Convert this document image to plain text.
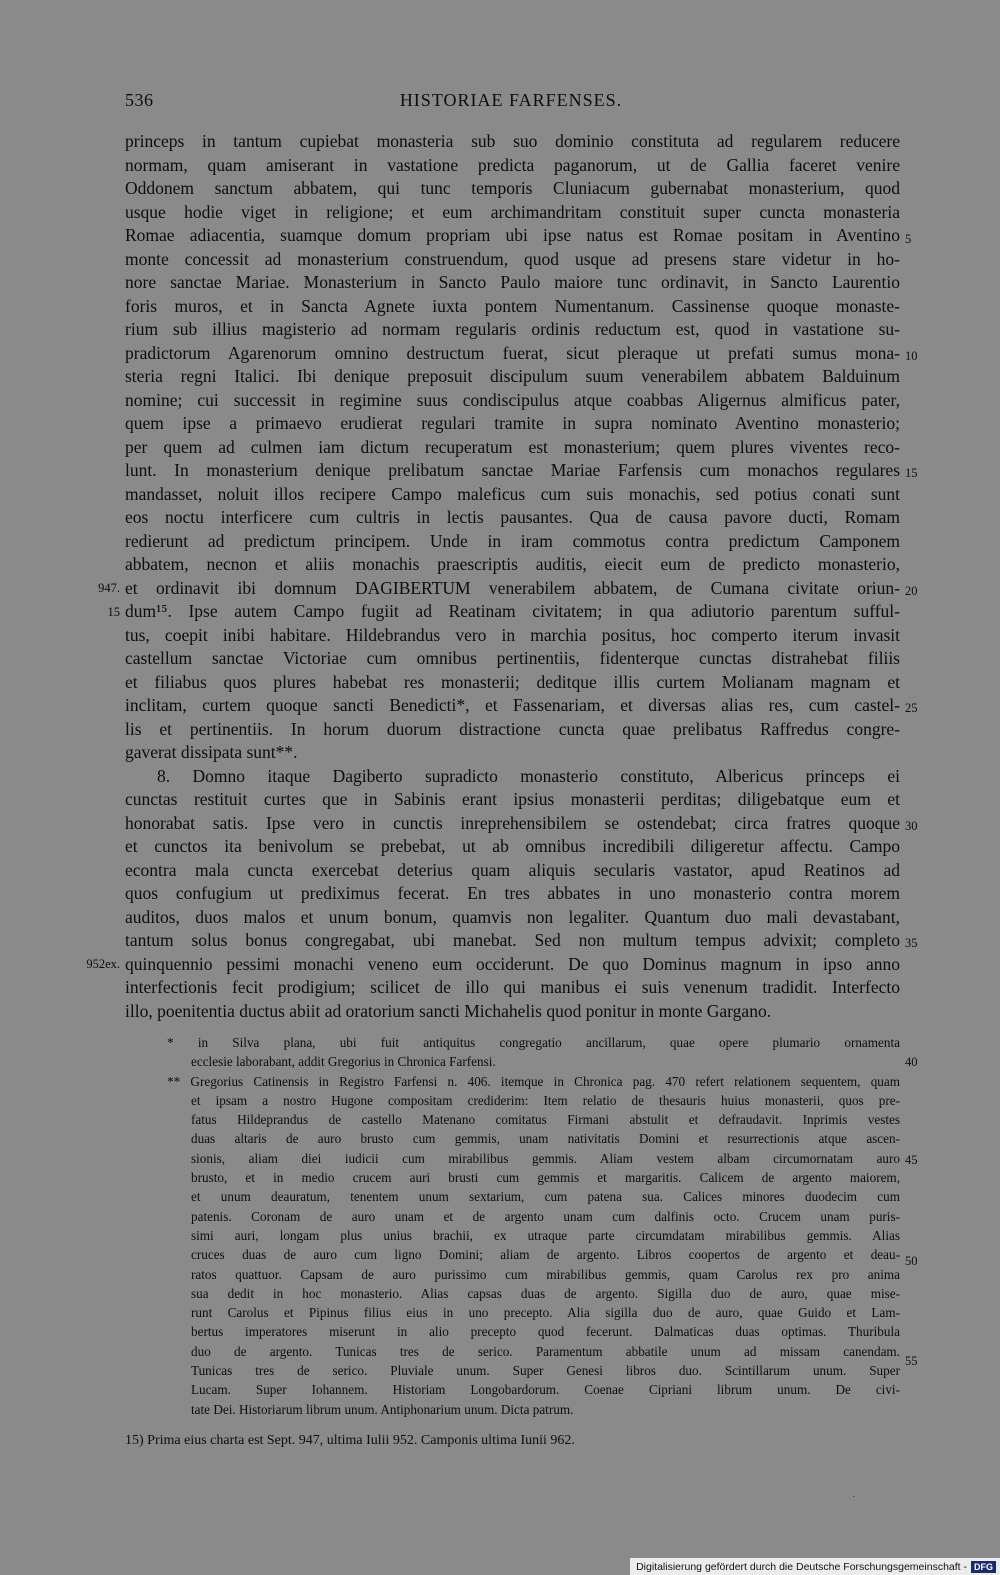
536	HISTORIAE FARFENSES.
princeps in tantum cupiebat monasteria sub suo dominio constituta ad regularem reducere
normam, quam amiserant in vastatione predicta paganorum, ut de Gallia faceret venire
Oddonem sanctum abbatem, qui tunc temporis Cluniacum gubernabat monasterium, quod
usque hodie viget in religione; et eum archimandritam constituit super cuncta monasteria
Romae adiacentia, suamque domum propriam ubi ipse natus est Romae positam in Aventino
monte concessit ad monasterium construendum, quod usque ad presens stare videtur in ho-
nore sanctae Mariae. Monasterium in Sancto Paulo maiore tunc ordinavit, in Sancto Laurentio
foris muros, et in Sancta Agnete iuxta pontem Numentanum. Cassinense quoque monaste-
rium sub illius magisterio ad normam regularis ordinis reductum est, quod in vastatione su-
pradictorum Agarenorum omnino destructum fuerat, sicut pleraque ut prefati sumus mona-
steria regni Italici. Ibi denique preposuit discipulum suum venerabilem abbatem Balduinum
nomine; cui successit in regimine suus condiscipulus atque coabbas Aligernus almificus pater,
quem ipse a primaevo erudierat regulari tramite in supra nominato Aventino monasterio;
per quem ad culmen iam dictum recuperatum est monasterium; quem plures viventes reco-
lunt. In monasterium denique prelibatum sanctae Mariae Farfensis cum monachos regulares
mandasset, noluit illos recipere Campo maleficus cum suis monachis, sed potius conati sunt
eos noctu interficere cum cultris in lectis pausantes. Qua de causa pavore ducti, Romam
redierunt ad predictum principem. Unde in iram commotus contra predictum Camponem
abbatem, necnon et aliis monachis praescriptis auditis, eiecit eum de predicto monasterio,
et ordinavit ibi domnum DAGIBERTUM venerabilem abbatem, de Cumana civitate oriun-
dum¹⁵. Ipse autem Campo fugiit ad Reatinam civitatem; in qua adiutorio parentum sufful-
tus, coepit inibi habitare. Hildebrandus vero in marchia positus, hoc comperto iterum invasit
castellum sanctae Victoriae cum omnibus pertinentiis, fidenterque cunctas distrahebat filiis
et filiabus quos plures habebat res monasterii; deditque illis curtem Molianam magnam et
inclitam, curtem quoque sancti Benedicti*, et Fassenariam, et diversas alias res, cum castel-
lis et pertinentiis. In horum duorum distractione cuncta quae prelibatus Raffredus congre-
gaverat dissipata sunt**.
8. Domno itaque Dagiberto supradicto monasterio constituto, Albericus princeps ei
cunctas restituit curtes que in Sabinis erant ipsius monasterii perditas; diligebatque eum et
honorabat satis. Ipse vero in cunctis inreprehensibilem se ostendebat; circa fratres quoque
et cunctos ita benivolum se prebebat, ut ab omnibus incredibili diligeretur affectu. Campo
econtra mala cuncta exercebat deterius quam aliquis secularis vastator, apud Reatinos ad
quos confugium ut prediximus fecerat. En tres abbates in uno monasterio contra morem
auditos, duos malos et unum bonum, quamvis non legaliter. Quantum duo mali devastabant,
tantum solus bonus congregabat, ubi manebat. Sed non multum tempus advixit; completo
quinquennio pessimi monachi veneno eum occiderunt. De quo Dominus magnum in ipso anno
interfectionis fecit prodigium; scilicet de illo qui manibus ei suis venenum tradidit. Interfecto
illo, poenitentia ductus abiit ad oratorium sancti Michahelis quod ponitur in monte Gargano.
5
10
15
20
25
30
35
947.
15
952ex.
* in Silva plana, ubi fuit antiquitus congregatio ancillarum, quae opere plumario ornamenta
ecclesie laborabant, addit Gregorius in Chronica Farfensi.
** Gregorius Catinensis in Registro Farfensi n. 406. itemque in Chronica pag. 470 refert relationem sequentem, quam
et ipsam a nostro Hugone compositam crediderim: Item relatio de thesauris huius monasterii, quos pre-
fatus Hildeprandus de castello Matenano comitatus Firmani abstulit et defraudavit. Inprimis vestes
duas altaris de auro brusto cum gemmis, unam nativitatis Domini et resurrectionis atque ascen-
sionis, aliam diei iudicii cum mirabilibus gemmis. Aliam vestem albam circumornatam auro
brusto, et in medio crucem auri brusti cum gemmis et margaritis. Calicem de argento maiorem,
et unum deauratum, tenentem unum sextarium, cum patena sua. Calices minores duodecim cum
patenis. Coronam de auro unam et de argento unam cum dalfinis octo. Crucem unam puris-
simi auri, longam plus unius brachii, ex utraque parte circumdatam mirabilibus gemmis. Alias
cruces duas de auro cum ligno Domini; aliam de argento. Libros coopertos de argento et deau-
ratos quattuor. Capsam de auro purissimo cum mirabilibus gemmis, quam Carolus rex pro anima
sua dedit in hoc monasterio. Alias capsas duas de argento. Sigilla duo de auro, quae mise-
runt Carolus et Pipinus filius eius in uno precepto. Alia sigilla duo de auro, quae Guido et Lam-
bertus imperatores miserunt in alio precepto quod fecerunt. Dalmaticas duas optimas. Thuribula
duo de argento. Tunicas tres de serico. Paramentum abbatile unum ad missam canendam.
Tunicas tres de serico. Pluviale unum. Super Genesi libros duo. Scintillarum unum. Super
Lucam. Super Iohannem. Historiam Longobardorum. Coenae Cipriani librum unum. De civi-
tate Dei. Historiarum librum unum. Antiphonarium unum. Dicta patrum.
40
45
50
55
15) Prima eius charta est Sept. 947, ultima Iulii 952. Camponis ultima Iunii 962.
·
Digitalisierung gefördert durch die Deutsche Forschungsgemeinschaft - DFG
